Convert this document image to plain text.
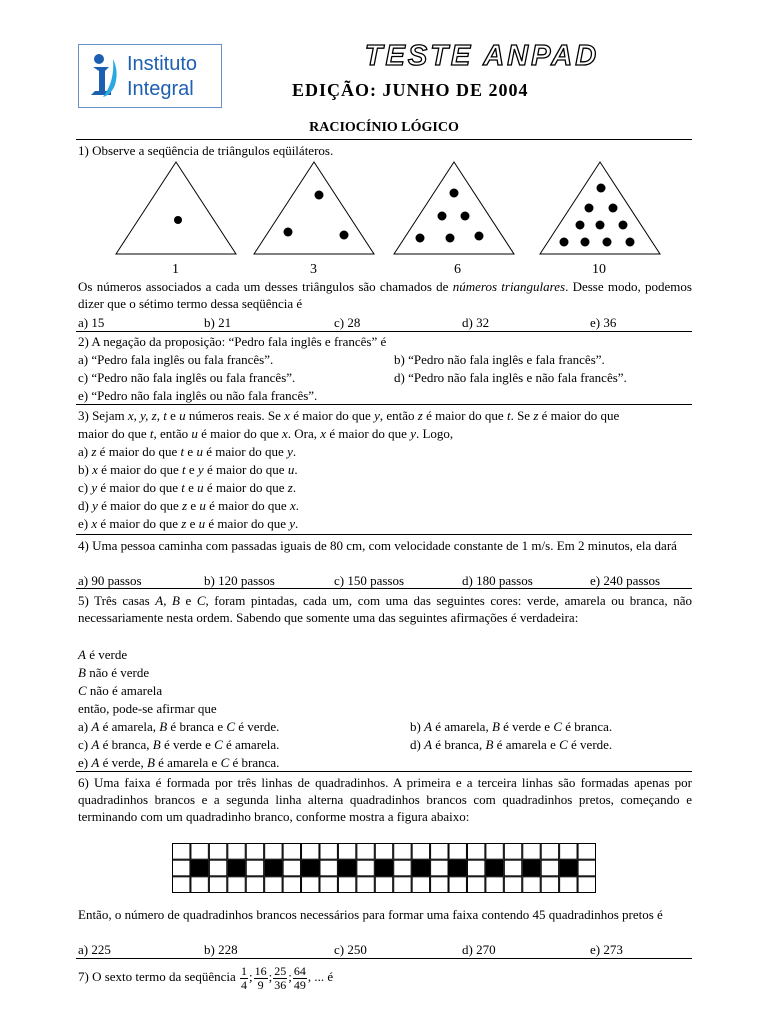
Instituto
Integral
TESTE ANPAD
EDIÇÃO: JUNHO DE 2004
RACIOCÍNIO LÓGICO
1) Observe a seqüência de triângulos eqüiláteros.
1	3	6	10
Os números associados a cada um desses triângulos são chamados de números triangulares. Desse modo, podemos dizer que o sétimo termo dessa seqüência é
a) 15	b) 21	c) 28	d) 32	e) 36
2) A negação da proposição: “Pedro fala inglês e francês” é
a) “Pedro fala inglês ou fala francês”.	b) “Pedro não fala inglês e fala francês”.
c) “Pedro não fala inglês ou fala francês”.	d) “Pedro não fala inglês e não fala francês”.
e) “Pedro não fala inglês ou não fala francês”.
3) Sejam x, y, z, t e u números reais. Se x é maior do que y, então z é maior do que t. Se z é maior do que
maior do que t, então u é maior do que x. Ora, x é maior do que y. Logo,
a) z é maior do que t e u é maior do que y.
b) x é maior do que t e y é maior do que u.
c) y é maior do que t e u é maior do que z.
d) y é maior do que z e u é maior do que x.
e) x é maior do que z e u é maior do que y.
4) Uma pessoa caminha com passadas iguais de 80 cm, com velocidade constante de 1 m/s. Em 2 minutos, ela dará
a) 90 passos	b) 120 passos	c) 150 passos	d) 180 passos	e) 240 passos
5) Três casas A, B e C, foram pintadas, cada um, com uma das seguintes cores: verde, amarela ou branca, não necessariamente nesta ordem. Sabendo que somente uma das seguintes afirmações é verdadeira:
A é verde
B não é verde
C não é amarela
então, pode-se afirmar que
a) A é amarela, B é branca e C é verde.	b) A é amarela, B é verde e C é branca.
c) A é branca, B é verde e C é amarela.	d) A é branca, B é amarela e C é verde.
e) A é verde, B é amarela e C é branca.
6) Uma faixa é formada por três linhas de quadradinhos. A primeira e a terceira linhas são formadas apenas por quadradinhos brancos e a segunda linha alterna quadradinhos brancos com quadradinhos pretos, começando e terminando com um quadradinho branco, conforme mostra a figura abaixo:
Então, o número de quadradinhos brancos necessários para formar uma faixa contendo 45 quadradinhos pretos é
a) 225	b) 228	c) 250	d) 270	e) 273
7) O sexto termo da seqüência $\frac{1}{4}$ ; $\frac{16}{9}$ ; $\frac{25}{36}$ ; $\frac{64}{49}$ , ... é
